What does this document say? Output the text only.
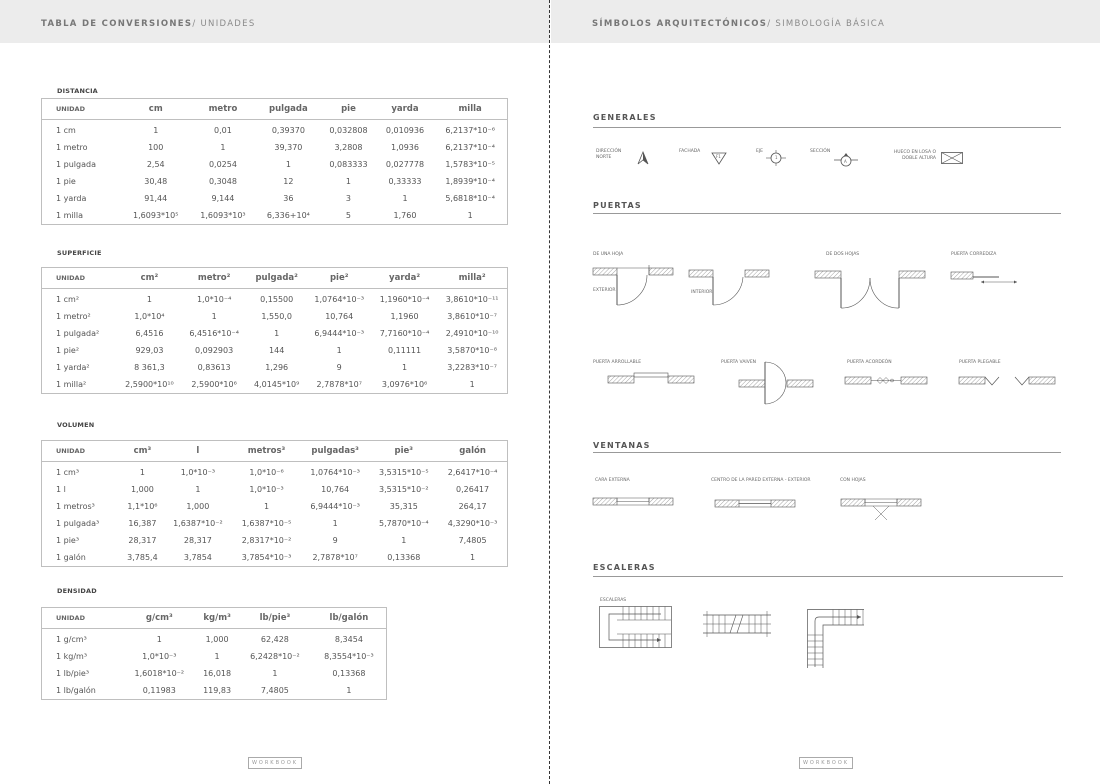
TABLA DE CONVERSIONES/ UNIDADES
DISTANCIA
UNIDAD	cm	metro	pulgada	pie	yarda	milla
1 cm	1	0,01	0,39370	0,032808	0,010936	6,2137*10⁻⁶
1 metro	100	1	39,370	3,2808	1,0936	6,2137*10⁻⁴
1 pulgada	2,54	0,0254	1	0,083333	0,027778	1,5783*10⁻⁵
1 pie	30,48	0,3048	12	1	0,33333	1,8939*10⁻⁴
1 yarda	91,44	9,144	36	3	1	5,6818*10⁻⁴
1 milla	1,6093*10⁵	1,6093*10³	6,336+10⁴	5	1,760	1
SUPERFICIE
UNIDAD	cm²	metro²	pulgada²	pie²	yarda²	milla²
1 cm²	1	1,0*10⁻⁴	0,15500	1,0764*10⁻³	1,1960*10⁻⁴	3,8610*10⁻¹¹
1 metro²	1,0*10⁴	1	1,550,0	10,764	1,1960	3,8610*10⁻⁷
1 pulgada²	6,4516	6,4516*10⁻⁴	1	6,9444*10⁻³	7,7160*10⁻⁴	2,4910*10⁻¹⁰
1 pie²	929,03	0,092903	144	1	0,11111	3,5870*10⁻⁸
1 yarda²	8 361,3	0,83613	1,296	9	1	3,2283*10⁻⁷
1 milla²	2,5900*10¹⁰	2,5900*10⁶	4,0145*10⁹	2,7878*10⁷	3,0976*10⁶	1
VOLUMEN
UNIDAD	cm³	l	metros³	pulgadas³	pie³	galón
1 cm³	1	1,0*10⁻³	1,0*10⁻⁶	1,0764*10⁻³	3,5315*10⁻⁵	2,6417*10⁻⁴
1 l	1,000	1	1,0*10⁻³	10,764	3,5315*10⁻²	0,26417
1 metros³	1,1*10⁶	1,000	1	6,9444*10⁻³	35,315	264,17
1 pulgada³	16,387	1,6387*10⁻²	1,6387*10⁻⁵	1	5,7870*10⁻⁴	4,3290*10⁻³
1 pie³	28,317	28,317	2,8317*10⁻²	9	1	7,4805
1 galón	3,785,4	3,7854	3,7854*10⁻³	2,7878*10⁷	0,13368	1
DENSIDAD
UNIDAD	g/cm³	kg/m³	lb/pie³	lb/galón
1 g/cm³	1	1,000	62,428	8,3454
1 kg/m³	1,0*10⁻³	1	6,2428*10⁻²	8,3554*10⁻³
1 lb/pie³	1,6018*10⁻²	16,018	1	0,13368
1 lb/galón	0,11983	119,83	7,4805	1
WORKBOOK
SÍMBOLOS ARQUITECTÓNICOS/ SIMBOLOGÍA BÁSICA
GENERALES
DIRECCIÓN NORTE
FACHADA
F1
EJE
1
SECCIÓN
A
HUECO EN LOSA O DOBLE ALTURA
PUERTAS
DE UNA HOJA
EXTERIOR	INTERIOR
DE DOS HOJAS	PUERTA CORREDIZA
PUERTA ARROLLABLE	PUERTA VAIVEN	PUERTA ACORDEÓN	PUERTA PLEGABLE
VENTANAS
CARA EXTERNA	CENTRO DE LA PARED EXTERNA - EXTERIOR	CON HOJAS
ESCALERAS
ESCALERAS
WORKBOOK
